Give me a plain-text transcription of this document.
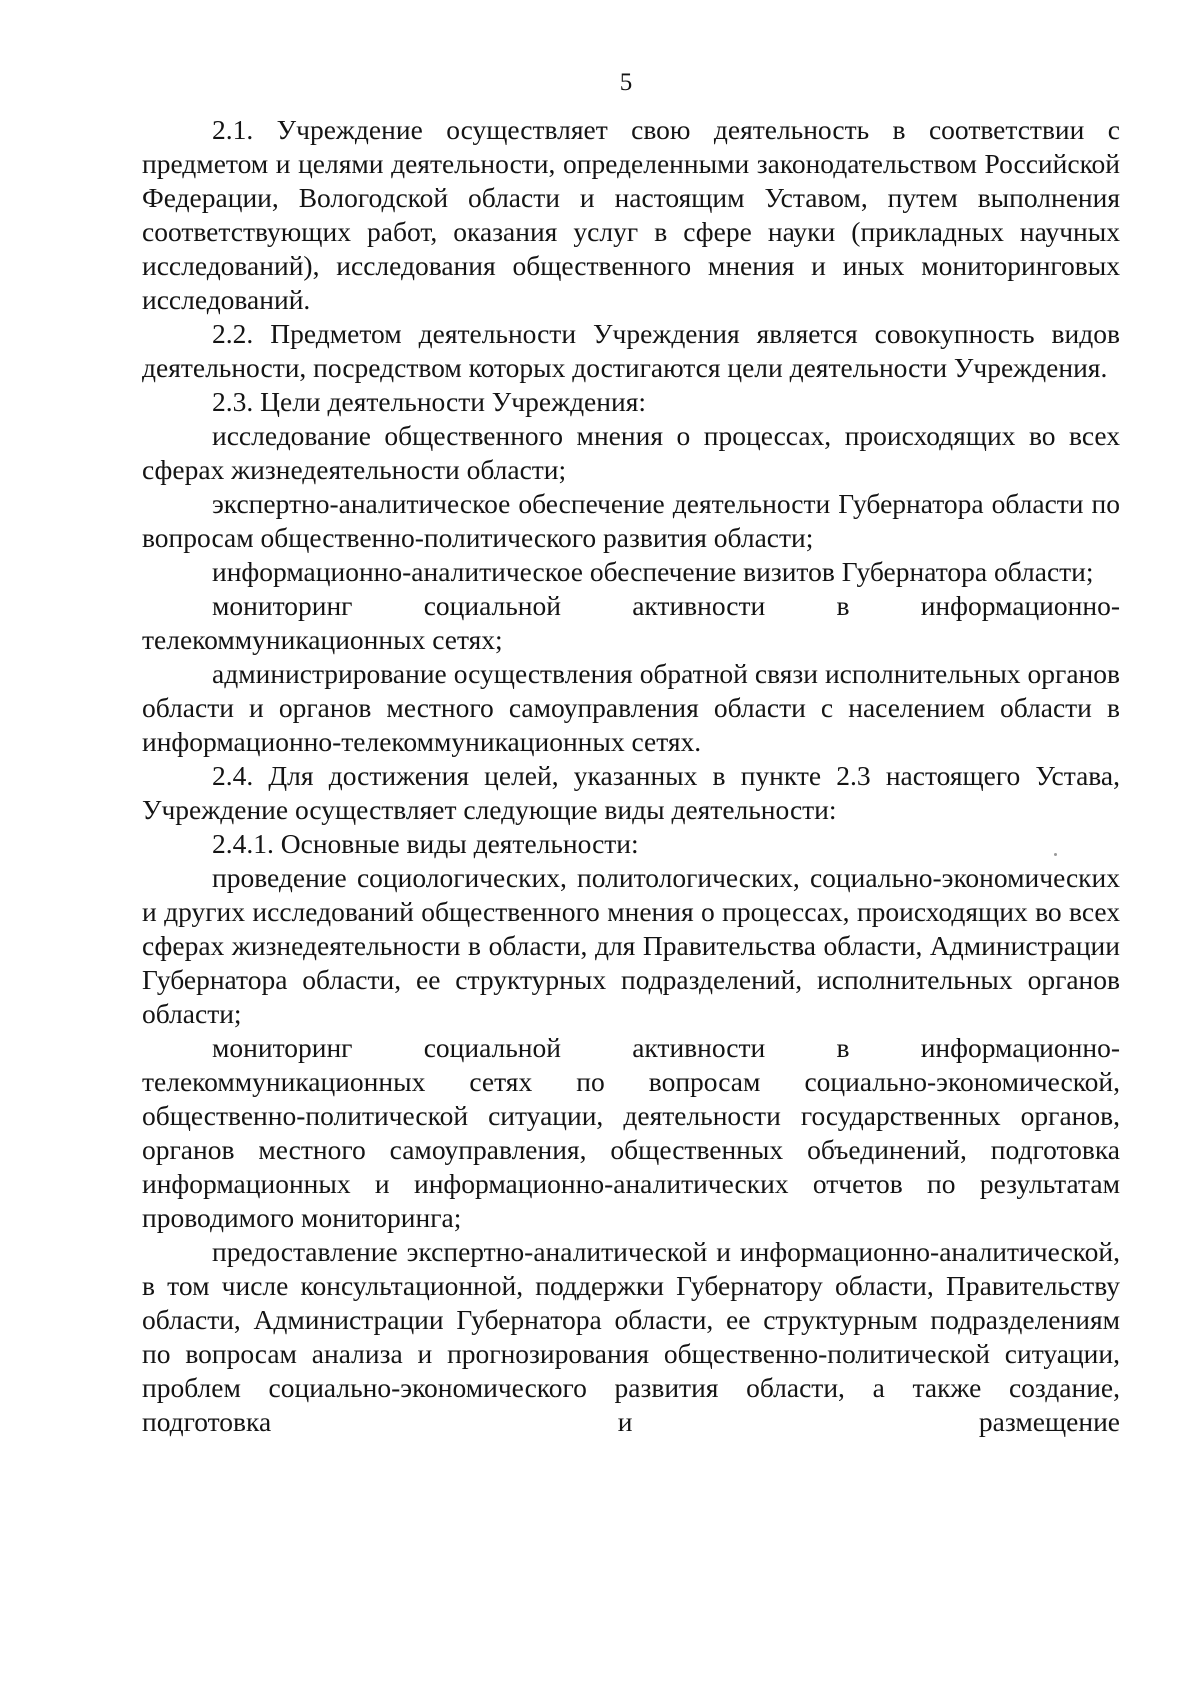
5

2.1. Учреждение осуществляет свою деятельность в соответствии с предметом и целями деятельности, определенными законодательством Российской Федерации, Вологодской области и настоящим Уставом, путем выполнения соответствующих работ, оказания услуг в сфере науки (прикладных научных исследований), исследования общественного мнения и иных мониторинговых исследований.

2.2. Предметом деятельности Учреждения является совокупность видов деятельности, посредством которых достигаются цели деятельности Учреждения.

2.3. Цели деятельности Учреждения:

исследование общественного мнения о процессах, происходящих во всех сферах жизнедеятельности области;

экспертно-аналитическое обеспечение деятельности Губернатора области по вопросам общественно-политического развития области;

информационно-аналитическое обеспечение визитов Губернатора области;

мониторинг социальной активности в информационно-телекоммуникационных сетях;

администрирование осуществления обратной связи исполнительных органов области и органов местного самоуправления области с населением области в информационно-телекоммуникационных сетях.

2.4. Для достижения целей, указанных в пункте 2.3 настоящего Устава, Учреждение осуществляет следующие виды деятельности:

2.4.1. Основные виды деятельности:

проведение социологических, политологических, социально-экономических и других исследований общественного мнения о процессах, происходящих во всех сферах жизнедеятельности в области, для Правительства области, Администрации Губернатора области, ее структурных подразделений, исполнительных органов области;

мониторинг социальной активности в информационно-телекоммуникационных сетях по вопросам социально-экономической, общественно-политической ситуации, деятельности государственных органов, органов местного самоуправления, общественных объединений, подготовка информационных и информационно-аналитических отчетов по результатам проводимого мониторинга;

предоставление экспертно-аналитической и информационно-аналитической, в том числе консультационной, поддержки Губернатору области, Правительству области, Администрации Губернатора области, ее структурным подразделениям по вопросам анализа и прогнозирования общественно-политической ситуации, проблем социально-экономического развития области, а также создание, подготовка и размещение
